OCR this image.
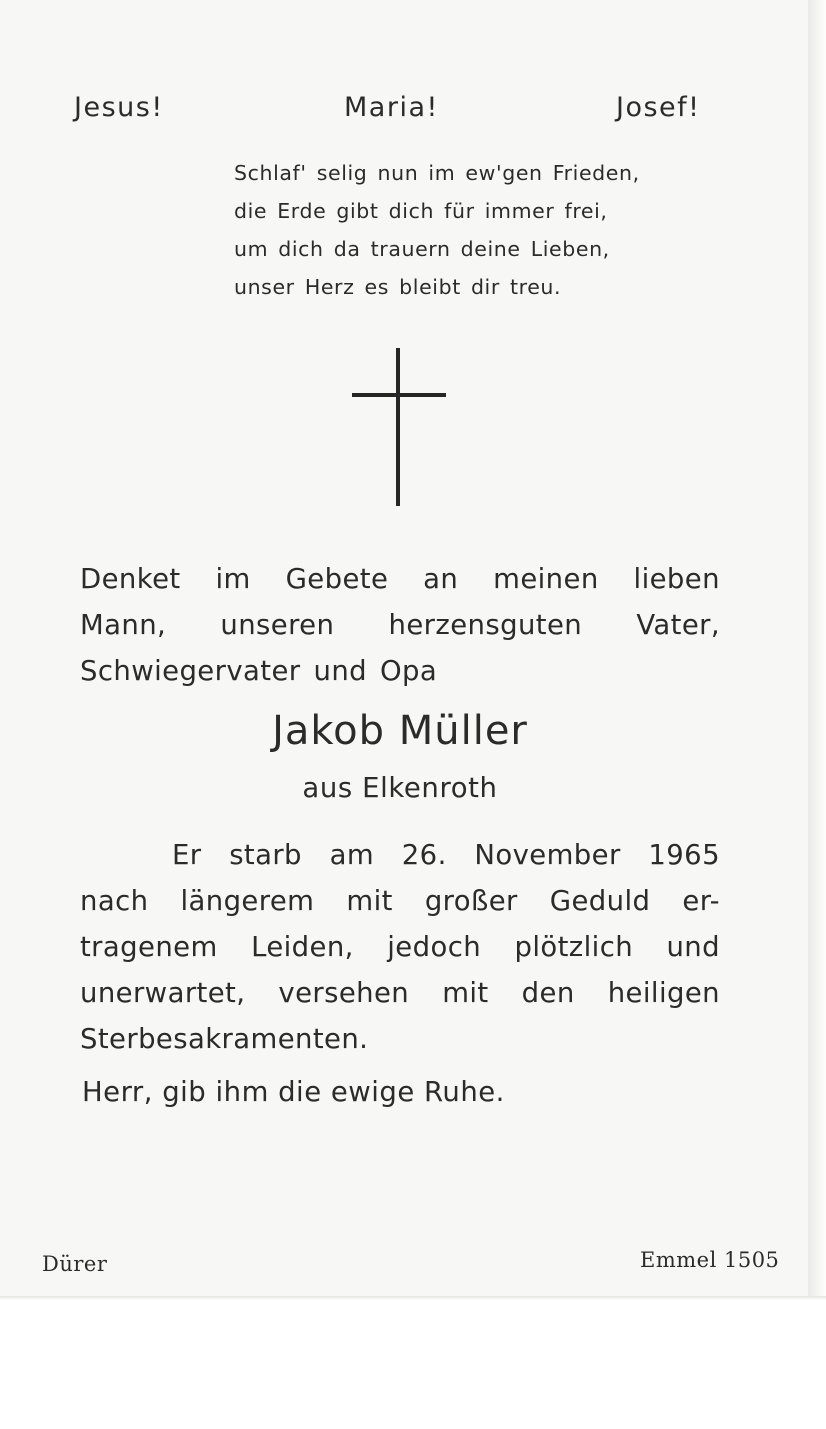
Jesus!	Maria!	Josef!
Schlaf' selig nun im ew'gen Frieden,
die Erde gibt dich für immer frei,
um dich da trauern deine Lieben,
unser Herz es bleibt dir treu.
Denket im Gebete an meinen lieben
Mann, unseren herzensguten Vater,
Schwiegervater und Opa
Jakob Müller
aus Elkenroth
Er starb am 26. November 1965
nach längerem mit großer Geduld er-
tragenem Leiden, jedoch plötzlich und
unerwartet, versehen mit den heiligen
Sterbesakramenten.
Herr, gib ihm die ewige Ruhe.
Dürer	Emmel 1505
